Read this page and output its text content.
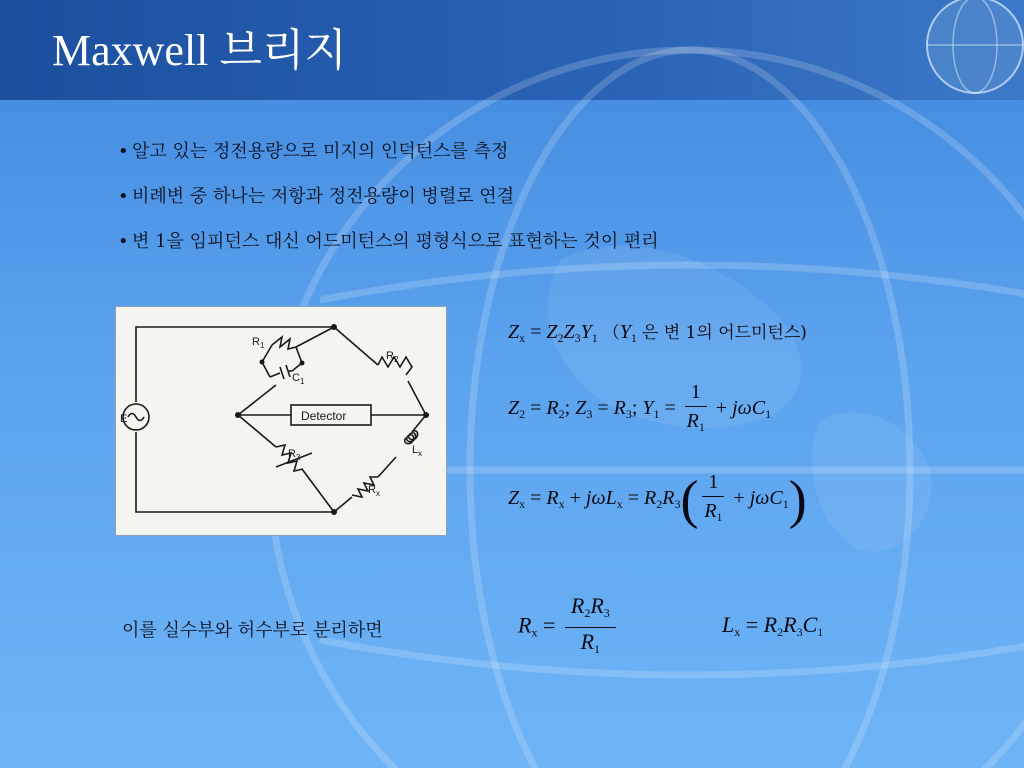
Maxwell 브리지
• 알고 있는 정전용량으로 미지의 인덕턴스를 측정
• 비례변 중 하나는 저항과 정전용량이 병렬로 연결
• 변 1을 임피던스 대신 어드미턴스의 평형식으로 표현하는 것이 편리
E	Detector
$R_1$
$C_1$
$R_2$
$R_3$
$L_x$
$R_x$
$Z_x = Z_2Z_3Y_1$ （$Y_1$ 은 변 1의 어드미턴스)
$Z_2 = R_2$; $Z_3 = R_3$; $Y_1 = \frac{1}{R_1} + j\omega C_1$
$Z_x = R_x + j\omega L_x = R_2R_3( \frac{1}{R_1} + j\omega C_1)$
이를 실수부와 허수부로 분리하면	$R_x = \frac{R_2R_3}{R_1}$	$L_x = R_2R_3C_1$
